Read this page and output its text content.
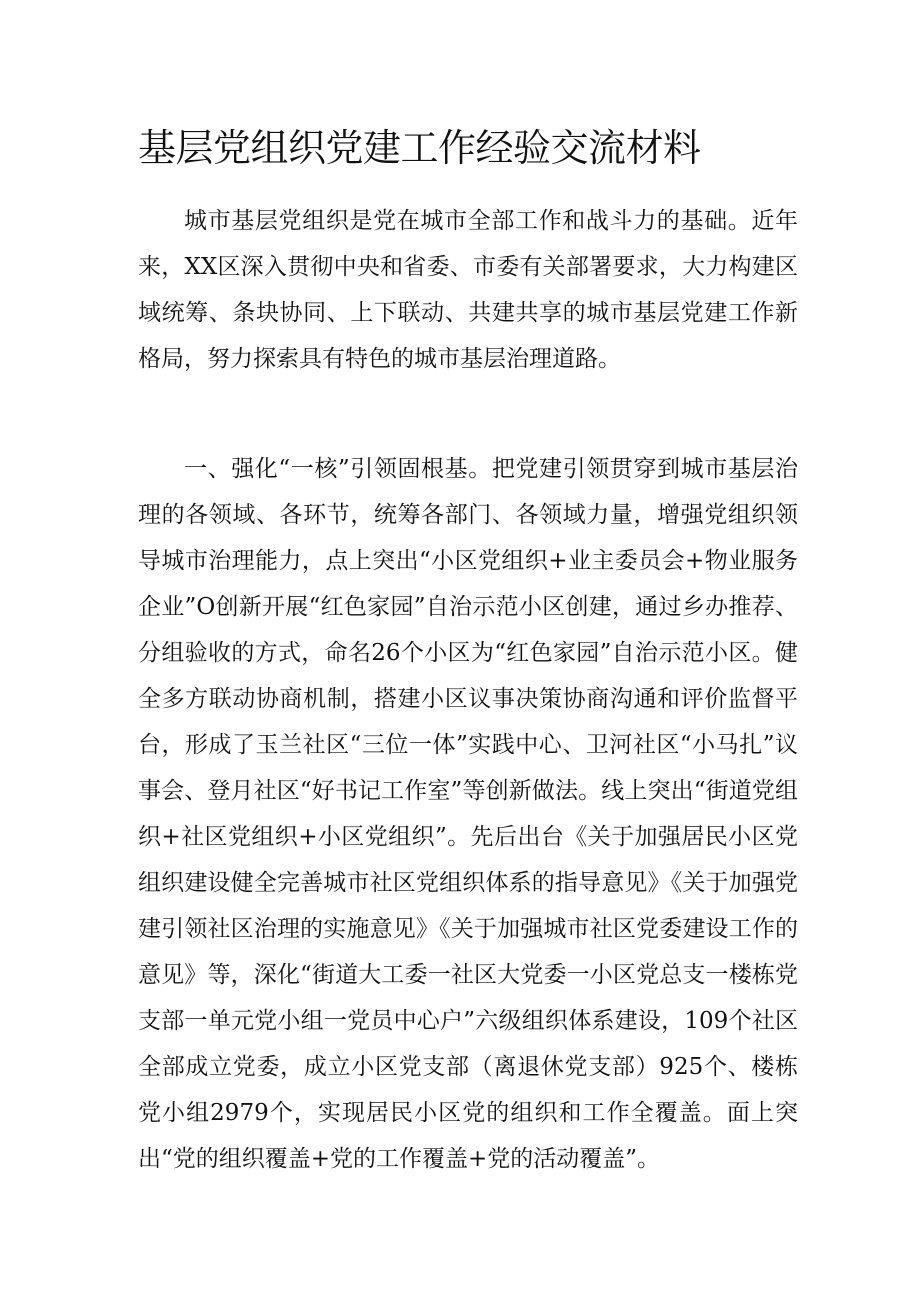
基层党组织党建工作经验交流材料

城市基层党组织是党在城市全部工作和战斗力的基础。近年来，XX区深入贯彻中央和省委、市委有关部署要求，大力构建区域统筹、条块协同、上下联动、共建共享的城市基层党建工作新格局，努力探索具有特色的城市基层治理道路。

一、强化“一核”引领固根基。把党建引领贯穿到城市基层治理的各领域、各环节，统筹各部门、各领域力量，增强党组织领导城市治理能力，点上突出“小区党组织+业主委员会+物业服务企业”O创新开展“红色家园”自治示范小区创建，通过乡办推荐、分组验收的方式，命名26个小区为“红色家园”自治示范小区。健全多方联动协商机制，搭建小区议事决策协商沟通和评价监督平台，形成了玉兰社区“三位一体”实践中心、卫河社区“小马扎”议事会、登月社区“好书记工作室”等创新做法。线上突出“街道党组织+社区党组织+小区党组织”。先后出台《关于加强居民小区党组织建设健全完善城市社区党组织体系的指导意见》《关于加强党建引领社区治理的实施意见》《关于加强城市社区党委建设工作的意见》等，深化“街道大工委一社区大党委一小区党总支一楼栋党支部一单元党小组一党员中心户”六级组织体系建设，109个社区全部成立党委，成立小区党支部（离退休党支部）925个、楼栋党小组2979个，实现居民小区党的组织和工作全覆盖。面上突出“党的组织覆盖+党的工作覆盖+党的活动覆盖”。
